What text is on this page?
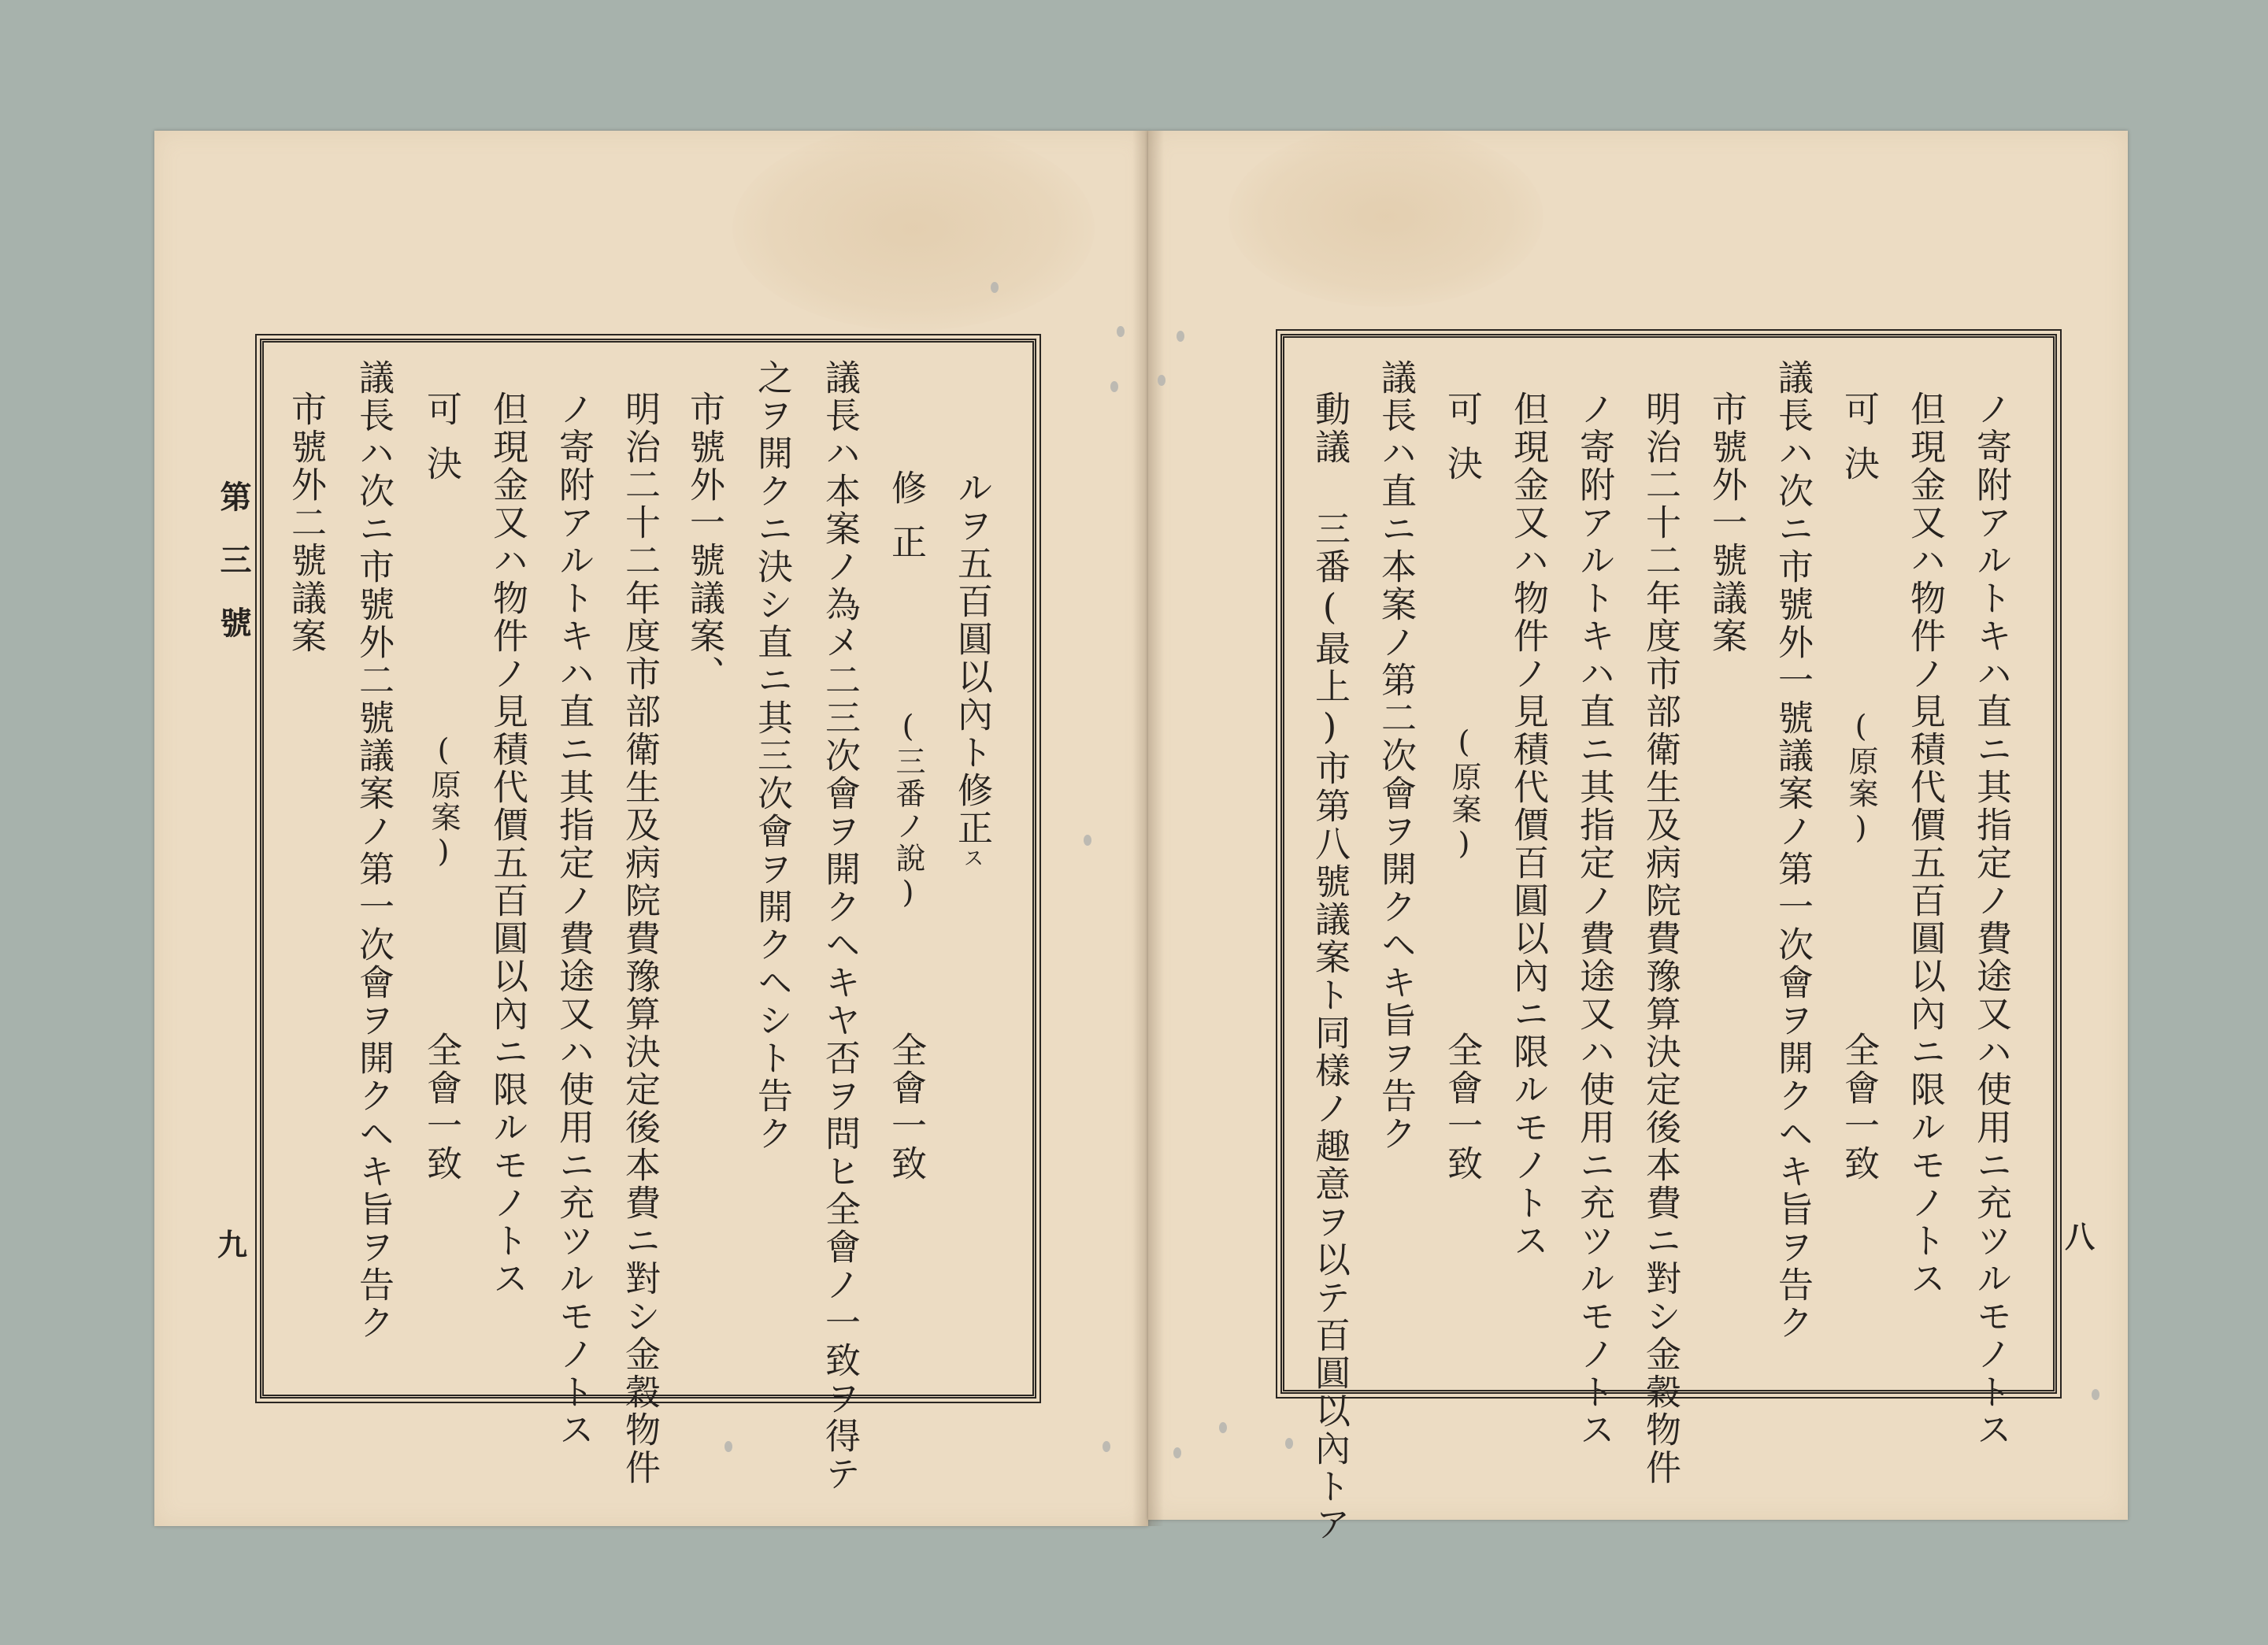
第三號
九
ルヲ五百圓以內ト修正ス
修正
(三番ノ說)
全會一致
議長ハ本案ノ為メ二三次會ヲ開クヘキヤ否ヲ問ヒ全會ノ一致ヲ得テ
之ヲ開クニ決シ直ニ其三次會ヲ開クヘシト告ク
市號外一號議案、
明治二十二年度市部衛生及病院費豫算決定後本費ニ對シ金穀物件
ノ寄附アルトキハ直ニ其指定ノ費途又ハ使用ニ充ツルモノトス
但現金又ハ物件ノ見積代價五百圓以內ニ限ルモノトス
可決
(原案)
全會一致
議長ハ次ニ市號外二號議案ノ第一次會ヲ開クヘキ旨ヲ告ク
市號外二號議案
八
ノ寄附アルトキハ直ニ其指定ノ費途又ハ使用ニ充ツルモノトス
但現金又ハ物件ノ見積代價五百圓以內ニ限ルモノトス
可決
(原案)
全會一致
議長ハ次ニ市號外一號議案ノ第一次會ヲ開クヘキ旨ヲ告ク
市號外一號議案
明治二十二年度市部衛生及病院費豫算決定後本費ニ對シ金穀物件
ノ寄附アルトキハ直ニ其指定ノ費途又ハ使用ニ充ツルモノトス
但現金又ハ物件ノ見積代價百圓以內ニ限ルモノトス
可決
(原案)
全會一致
議長ハ直ニ本案ノ第二次會ヲ開クヘキ旨ヲ告ク
動議 三番(最上)市第八號議案ト同樣ノ趣意ヲ以テ百圓以內トア
